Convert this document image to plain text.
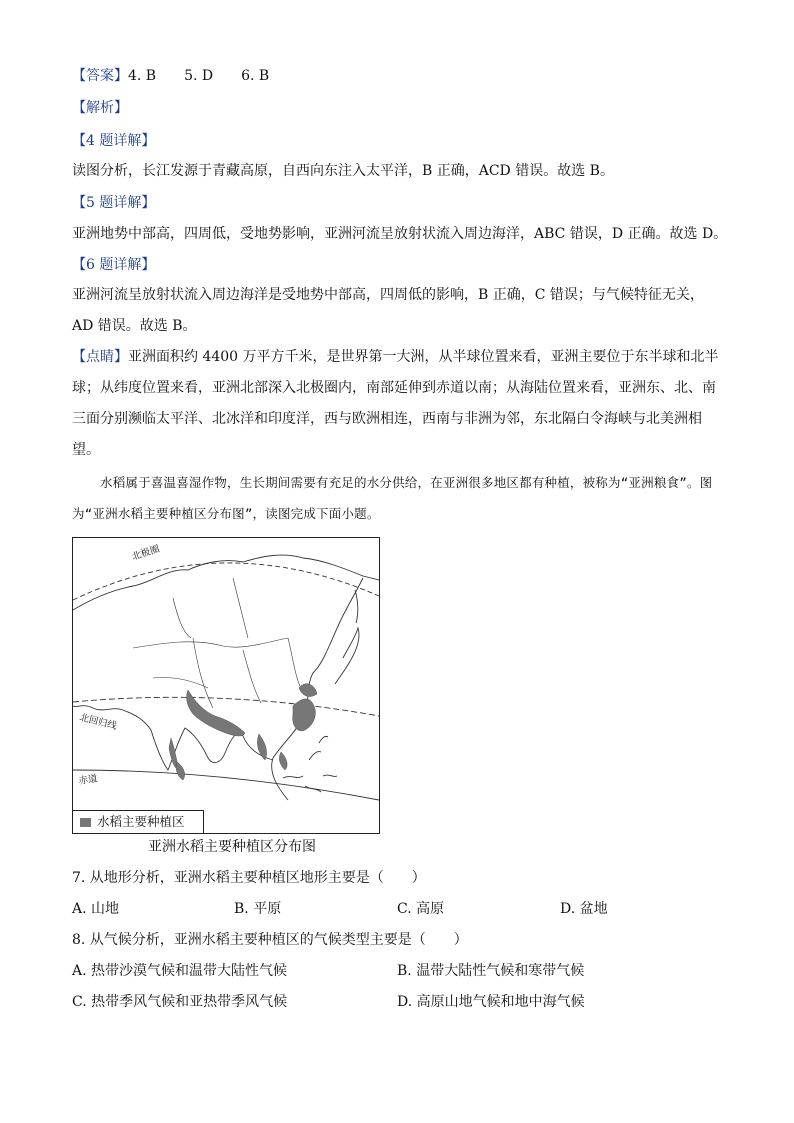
【答案】4. B　　5. D　　6. B
【解析】
【4 题详解】
读图分析，长江发源于青藏高原，自西向东注入太平洋，B 正确，ACD 错误。故选 B。
【5 题详解】
亚洲地势中部高，四周低，受地势影响，亚洲河流呈放射状流入周边海洋，ABC 错误，D 正确。故选 D。
【6 题详解】
亚洲河流呈放射状流入周边海洋是受地势中部高，四周低的影响，B 正确，C 错误；与气候特征无关，AD 错误。故选 B。
【点睛】亚洲面积约 4400 万平方千米，是世界第一大洲，从半球位置来看，亚洲主要位于东半球和北半球；从纬度位置来看，亚洲北部深入北极圈内，南部延伸到赤道以南；从海陆位置来看，亚洲东、北、南三面分别濒临太平洋、北冰洋和印度洋，西与欧洲相连，西南与非洲为邻，东北隔白令海峡与北美洲相望。
水稻属于喜温喜湿作物，生长期间需要有充足的水分供给，在亚洲很多地区都有种植，被称为“亚洲粮食”。图为“亚洲水稻主要种植区分布图”，读图完成下面小题。
北极圈
北回归线
赤道
水稻主要种植区
亚洲水稻主要种植区分布图
7. 从地形分析，亚洲水稻主要种植区地形主要是（　　）
A. 山地	B. 平原	C. 高原	D. 盆地
8. 从气候分析，亚洲水稻主要种植区的气候类型主要是（　　）
A. 热带沙漠气候和温带大陆性气候	B. 温带大陆性气候和寒带气候
C. 热带季风气候和亚热带季风气候	D. 高原山地气候和地中海气候
